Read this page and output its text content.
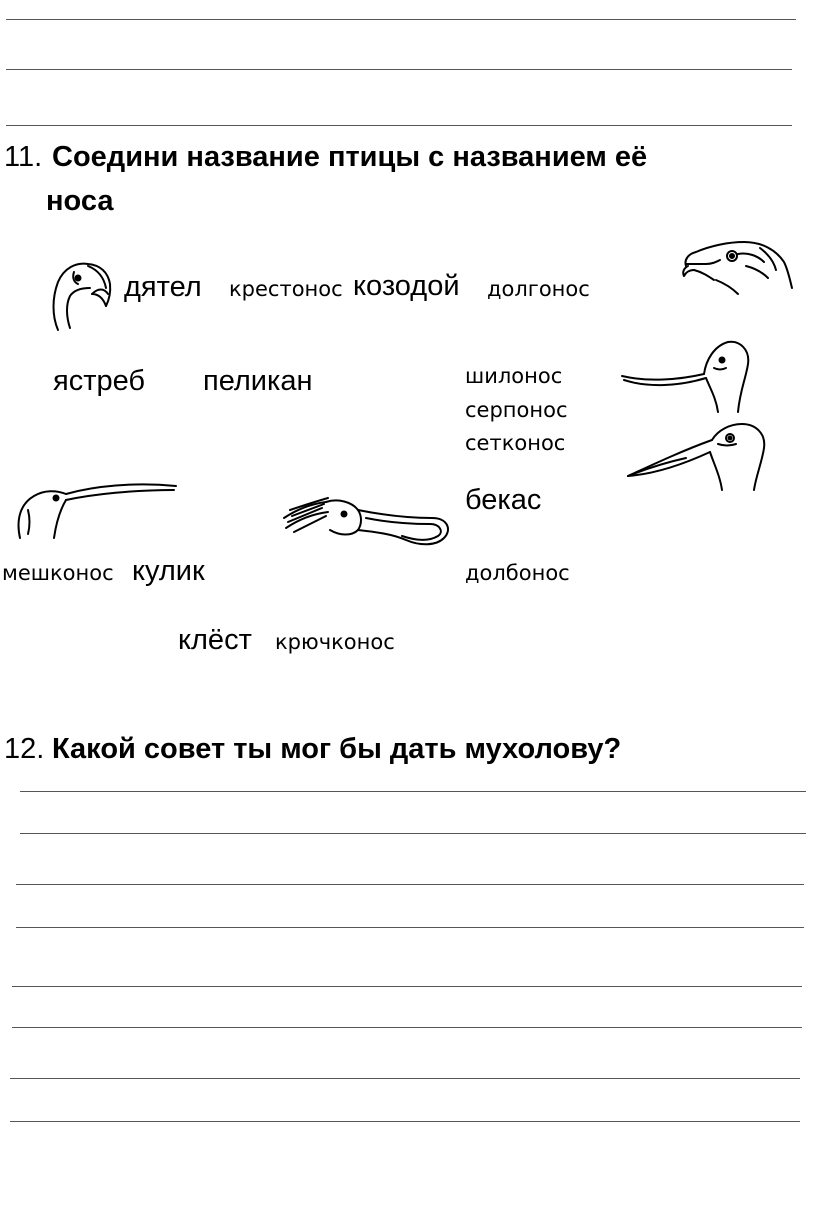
11. Соедини название птицы с названием её
носа
дятел крестонос козодой долгонос
ястреб пеликан	шилонос
серпонос
сетконос
бекас
мешконос кулик	долбонос
клёст крючконос
12. Какой совет ты мог бы дать мухолову?
